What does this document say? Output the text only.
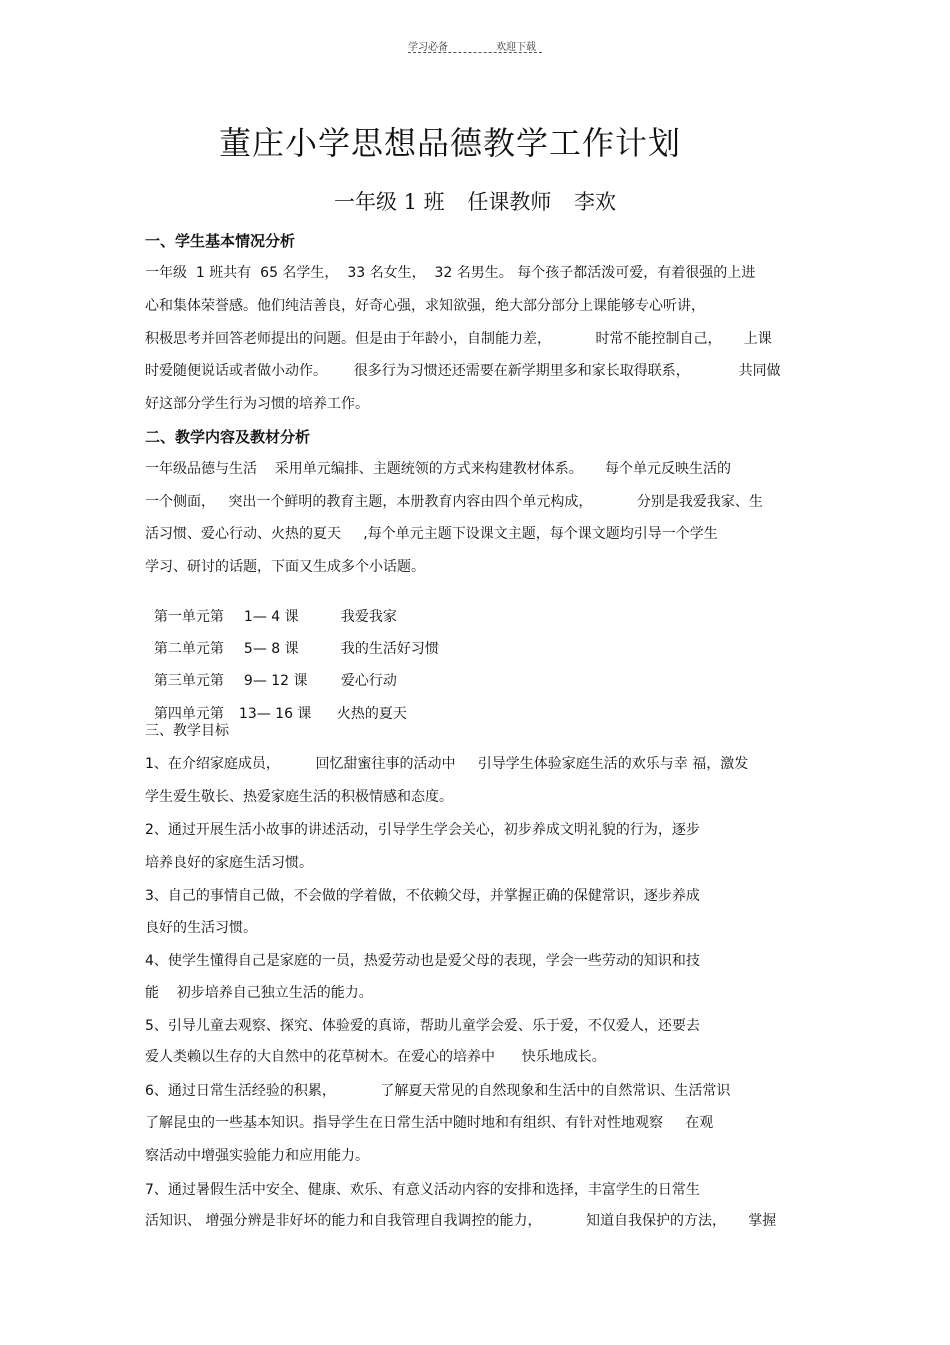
学习必备	欢迎下载
董庄小学思想品德教学工作计划
一年级 1 班 任课教师 李欢
一、学生基本情况分析
一年级  1 班共有  65 名学生，  33 名女生，  32 名男生。 每个孩子都活泼可爱，有着很强的上进
心和集体荣誉感。他们纯洁善良，好奇心强，求知欲强，绝大部分部分上课能够专心听讲，
积极思考并回答老师提出的问题。但是由于年龄小，自制能力差，          时常不能控制自己，     上课
时爱随便说话或者做小动作。      很多行为习惯还还需要在新学期里多和家长取得联系，           共同做
好这部分学生行为习惯的培养工作。
二、教学内容及教材分析
一年级品德与生活    采用单元编排、主题统领的方式来构建教材体系。     每个单元反映生活的
一个侧面，   突出一个鲜明的教育主题，本册教育内容由四个单元构成，          分别是我爱我家、生
活习惯、爱心行动、火热的夏天     ,每个单元主题下设课文主题，每个课文题均引导一个学生
学习、研讨的话题，下面又生成多个小话题。

第一单元第 1— 4 课	我爱我家

第二单元第 5— 8 课	我的生活好习惯

第三单元第 9— 12 课 爱心行动

第四单元第 13— 16 课 火热的夏天

三、教学目标
1、在介绍家庭成员，        回忆甜蜜往事的活动中     引导学生体验家庭生活的欢乐与幸 福，激发
学生爱生敬长、热爱家庭生活的积极情感和态度。
2、通过开展生活小故事的讲述活动，引导学生学会关心，初步养成文明礼貌的行为，逐步
培养良好的家庭生活习惯。
3、自己的事情自己做，不会做的学着做，不依赖父母，并掌握正确的保健常识，逐步养成
良好的生活习惯。
4、使学生懂得自己是家庭的一员，热爱劳动也是爱父母的表现，学会一些劳动的知识和技
能    初步培养自己独立生活的能力。
5、引导儿童去观察、探究、体验爱的真谛，帮助儿童学会爱、乐于爱，不仅爱人，还要去
爱人类赖以生存的大自然中的花草树木。在爱心的培养中      快乐地成长。
6、通过日常生活经验的积累，          了解夏天常见的自然现象和生活中的自然常识、生活常识
了解昆虫的一些基本知识。指导学生在日常生活中随时地和有组织、有针对性地观察     在观
察活动中增强实验能力和应用能力。
7、通过暑假生活中安全、健康、欢乐、有意义活动内容的安排和选择，丰富学生的日常生
活知识、 增强分辨是非好坏的能力和自我管理自我调控的能力，          知道自我保护的方法，     掌握
